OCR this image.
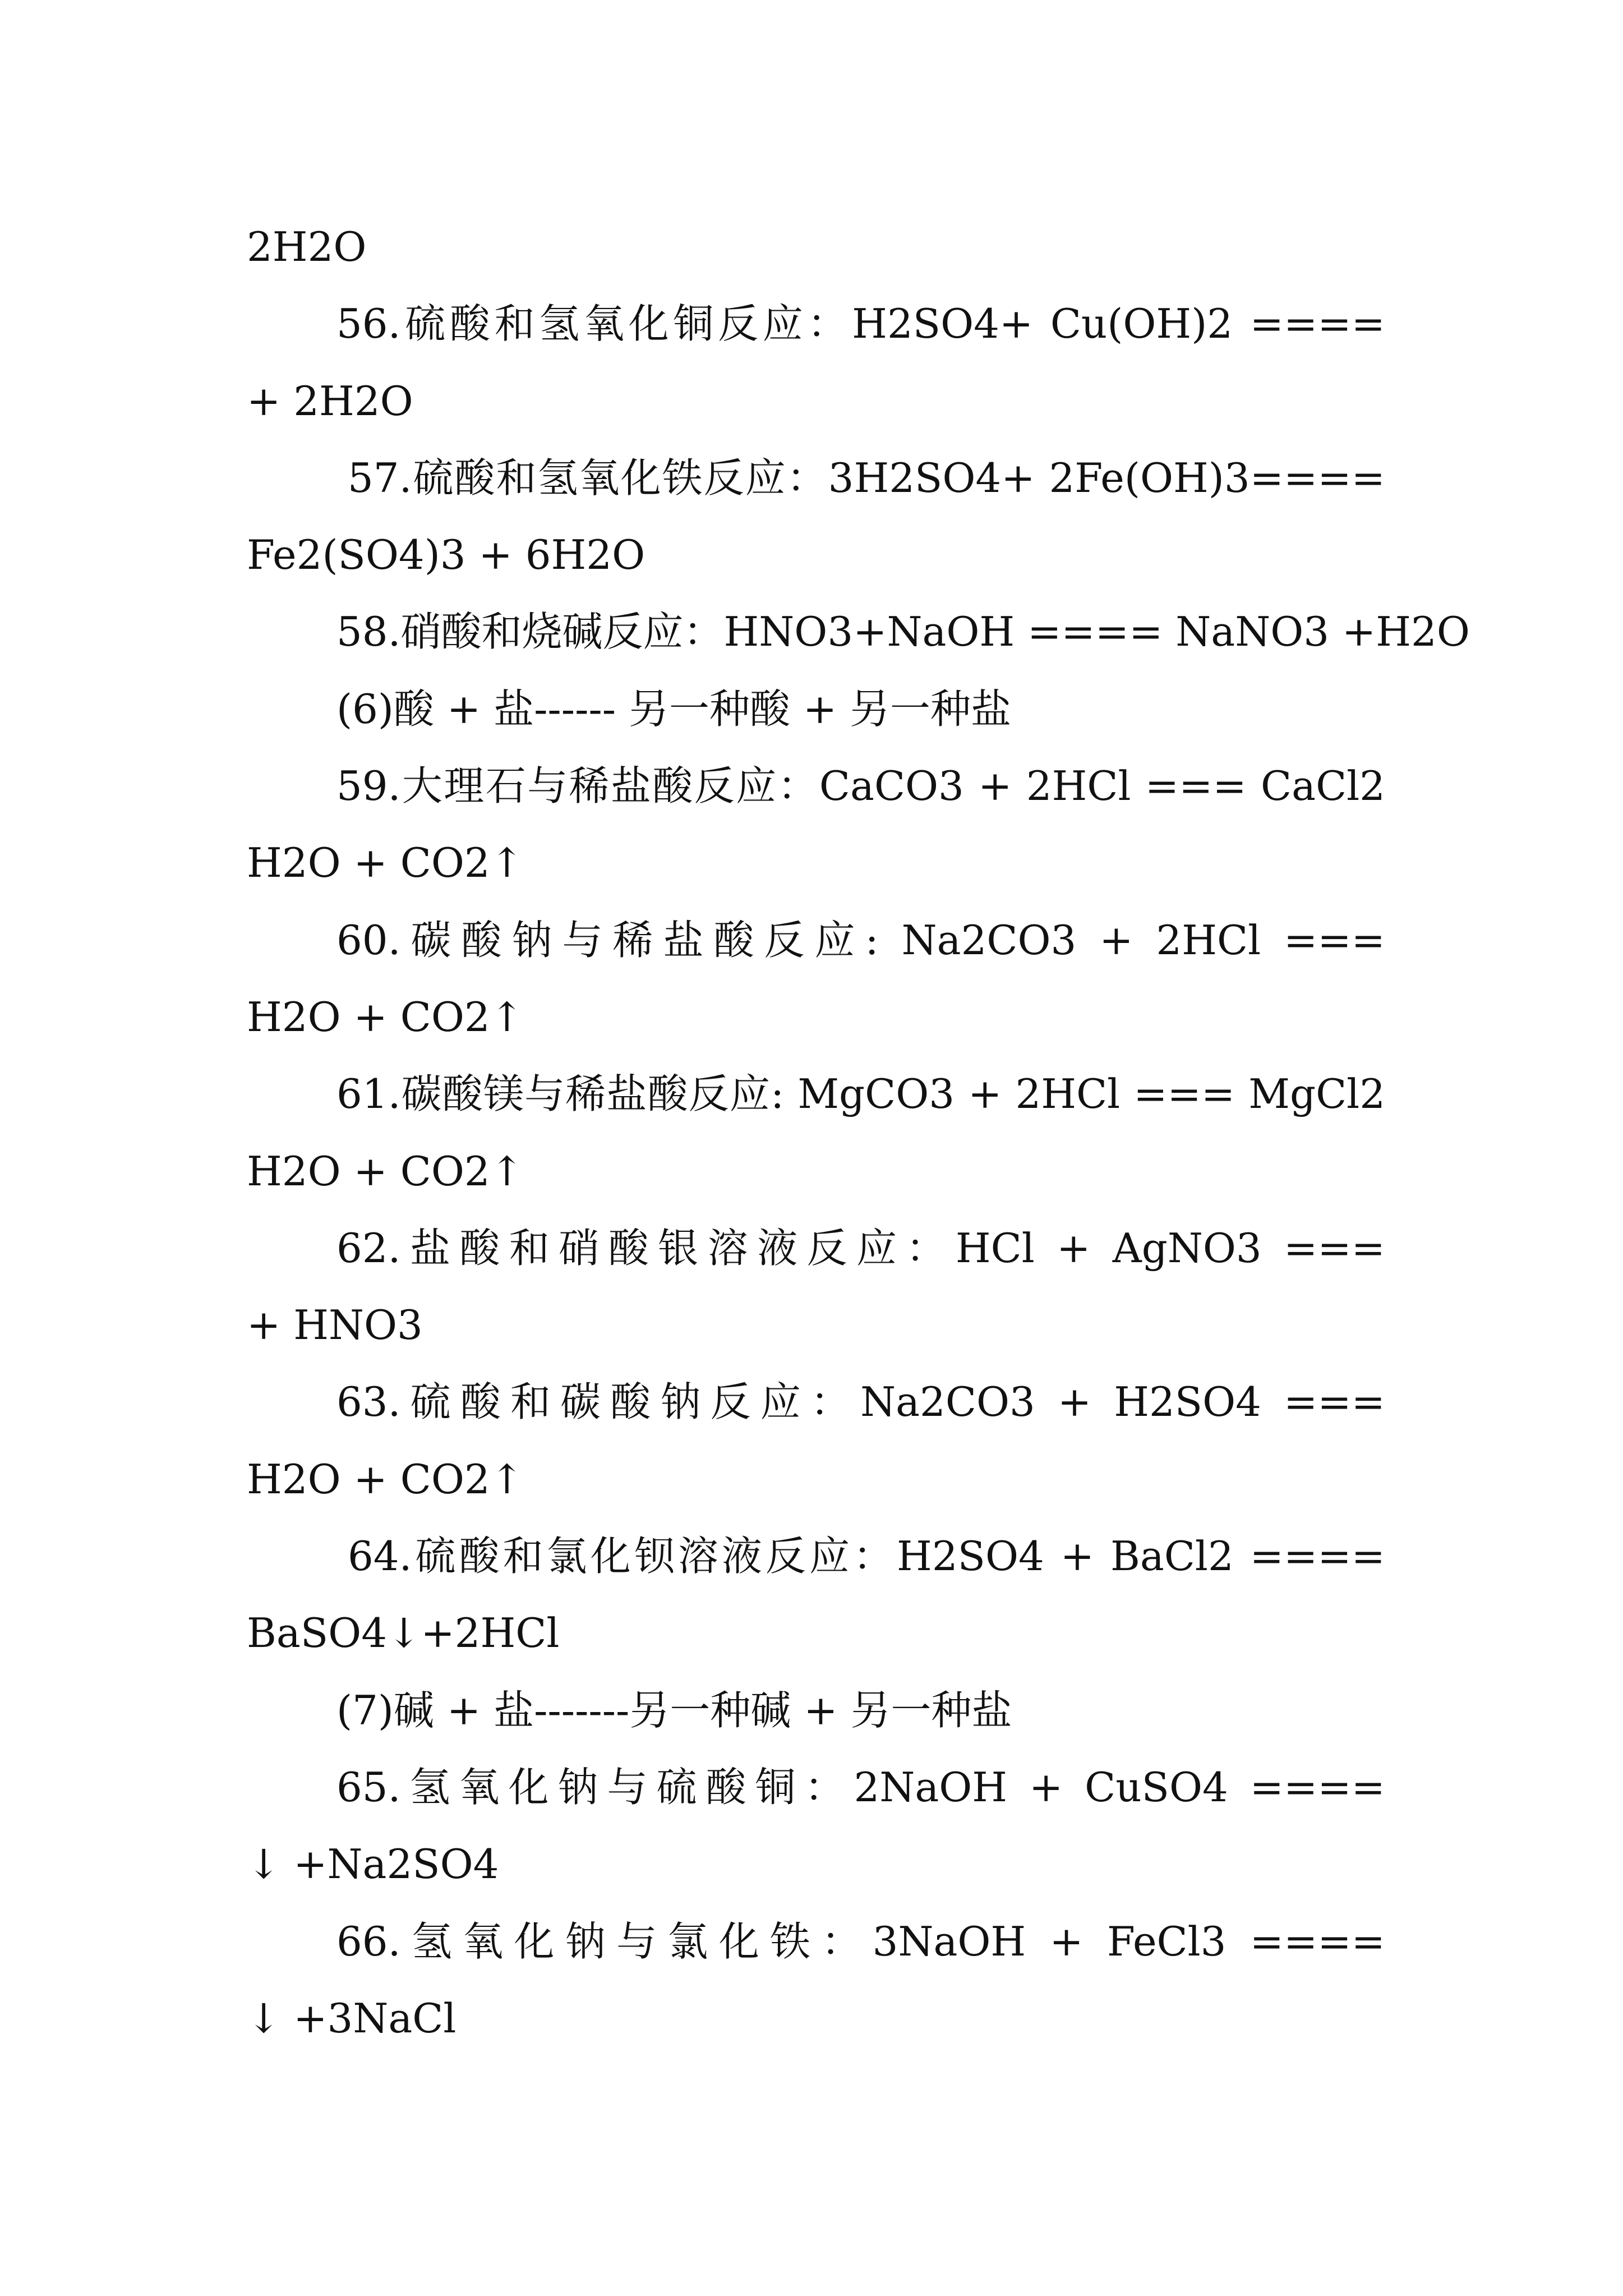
2H2O
56.硫酸和氢氧化铜反应：H2SO4+ Cu(OH)2 ====
+ 2H2O
57.硫酸和氢氧化铁反应：3H2SO4+ 2Fe(OH)3====
Fe2(SO4)3 + 6H2O
58.硝酸和烧碱反应：HNO3+NaOH ==== NaNO3 +H2O
(6)酸 + 盐------ 另一种酸 + 另一种盐
59.大理石与稀盐酸反应：CaCO3 + 2HCl === CaCl2
H2O + CO2↑
60.碳酸钠与稀盐酸反应: Na2CO3 + 2HCl ===
H2O + CO2↑
61.碳酸镁与稀盐酸反应: MgCO3 + 2HCl === MgCl2
H2O + CO2↑
62.盐酸和硝酸银溶液反应：HCl + AgNO3 ===
+ HNO3
63.硫酸和碳酸钠反应：Na2CO3 + H2SO4 ===
H2O + CO2↑
64.硫酸和氯化钡溶液反应：H2SO4 + BaCl2 ====
BaSO4↓+2HCl
(7)碱 + 盐-------另一种碱 + 另一种盐
65.氢氧化钠与硫酸铜：2NaOH + CuSO4 ====
↓ +Na2SO4
66.氢氧化钠与氯化铁：3NaOH + FeCl3 ====
↓ +3NaCl
